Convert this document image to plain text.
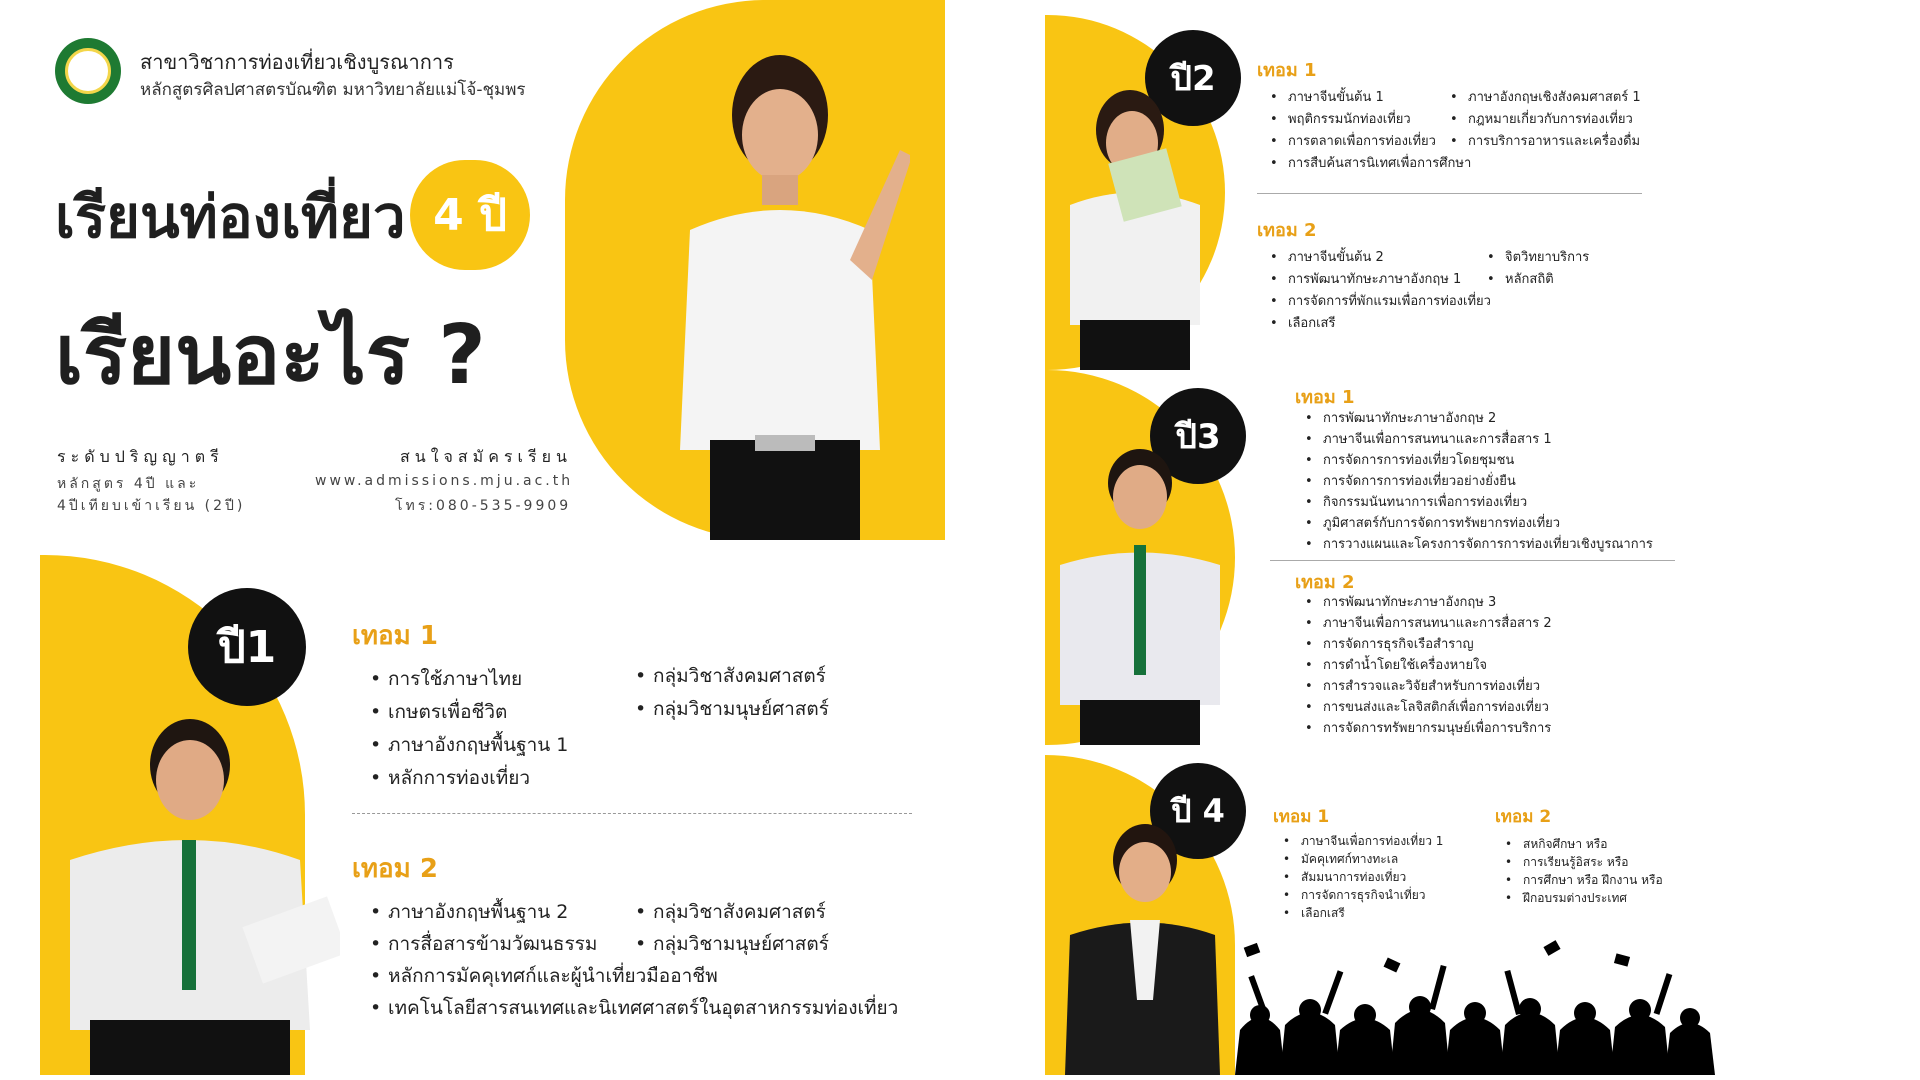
สาขาวิชาการท่องเที่ยวเชิงบูรณาการ
หลักสูตรศิลปศาสตรบัณฑิต มหาวิทยาลัยแม่โจ้-ชุมพร
เรียนท่องเที่ยว 4 ปี
เรียนอะไร ?
ระดับปริญญาตรี
หลักสูตร 4ปี และ
4ปีเทียบเข้าเรียน (2ปี)
สนใจสมัครเรียน
www.admissions.mju.ac.th
โทร:080-535-9909
ปี1	เทอม 1
• การใช้ภาษาไทย
• เกษตรเพื่อชีวิต
• ภาษาอังกฤษพื้นฐาน 1
• หลักการท่องเที่ยว
• กลุ่มวิชาสังคมศาสตร์
• กลุ่มวิชามนุษย์ศาสตร์
เทอม 2
• ภาษาอังกฤษพื้นฐาน 2
• การสื่อสารข้ามวัฒนธรรม
• หลักการมัคคุเทศก์และผู้นำเที่ยวมืออาชีพ
• เทคโนโลยีสารสนเทศและนิเทศศาสตร์ในอุตสาหกรรมท่องเที่ยว
• กลุ่มวิชาสังคมศาสตร์
• กลุ่มวิชามนุษย์ศาสตร์
ปี2 เทอม 1
• ภาษาจีนขั้นต้น 1
• พฤติกรรมนักท่องเที่ยว
• การตลาดเพื่อการท่องเที่ยว
• การสืบค้นสารนิเทศเพื่อการศึกษา
• ภาษาอังกฤษเชิงสังคมศาสตร์ 1
• กฎหมายเกี่ยวกับการท่องเที่ยว
• การบริการอาหารและเครื่องดื่ม
เทอม 2
• ภาษาจีนขั้นต้น 2
• การพัฒนาทักษะภาษาอังกฤษ 1
• การจัดการที่พักแรมเพื่อการท่องเที่ยว
• เลือกเสรี
• จิตวิทยาบริการ
• หลักสถิติ
ปี3
เทอม 1
• การพัฒนาทักษะภาษาอังกฤษ 2
• ภาษาจีนเพื่อการสนทนาและการสื่อสาร 1
• การจัดการการท่องเที่ยวโดยชุมชน
• การจัดการการท่องเที่ยวอย่างยั่งยืน
• กิจกรรมนันทนาการเพื่อการท่องเที่ยว
• ภูมิศาสตร์กับการจัดการทรัพยากรท่องเที่ยว
• การวางแผนและโครงการจัดการการท่องเที่ยวเชิงบูรณาการ
เทอม 2
• การพัฒนาทักษะภาษาอังกฤษ 3
• ภาษาจีนเพื่อการสนทนาและการสื่อสาร 2
• การจัดการธุรกิจเรือสำราญ
• การดำน้ำโดยใช้เครื่องหายใจ
• การสำรวจและวิจัยสำหรับการท่องเที่ยว
• การขนส่งและโลจิสติกส์เพื่อการท่องเที่ยว
• การจัดการทรัพยากรมนุษย์เพื่อการบริการ
ปี 4	เทอม 1
• ภาษาจีนเพื่อการท่องเที่ยว 1
• มัคคุเทศก์ทางทะเล
• สัมมนาการท่องเที่ยว
• การจัดการธุรกิจนำเที่ยว
• เลือกเสรี
เทอม 2
• สหกิจศึกษา หรือ
• การเรียนรู้อิสระ หรือ
• การศึกษา หรือ ฝึกงาน หรือ
• ฝึกอบรมต่างประเทศ
